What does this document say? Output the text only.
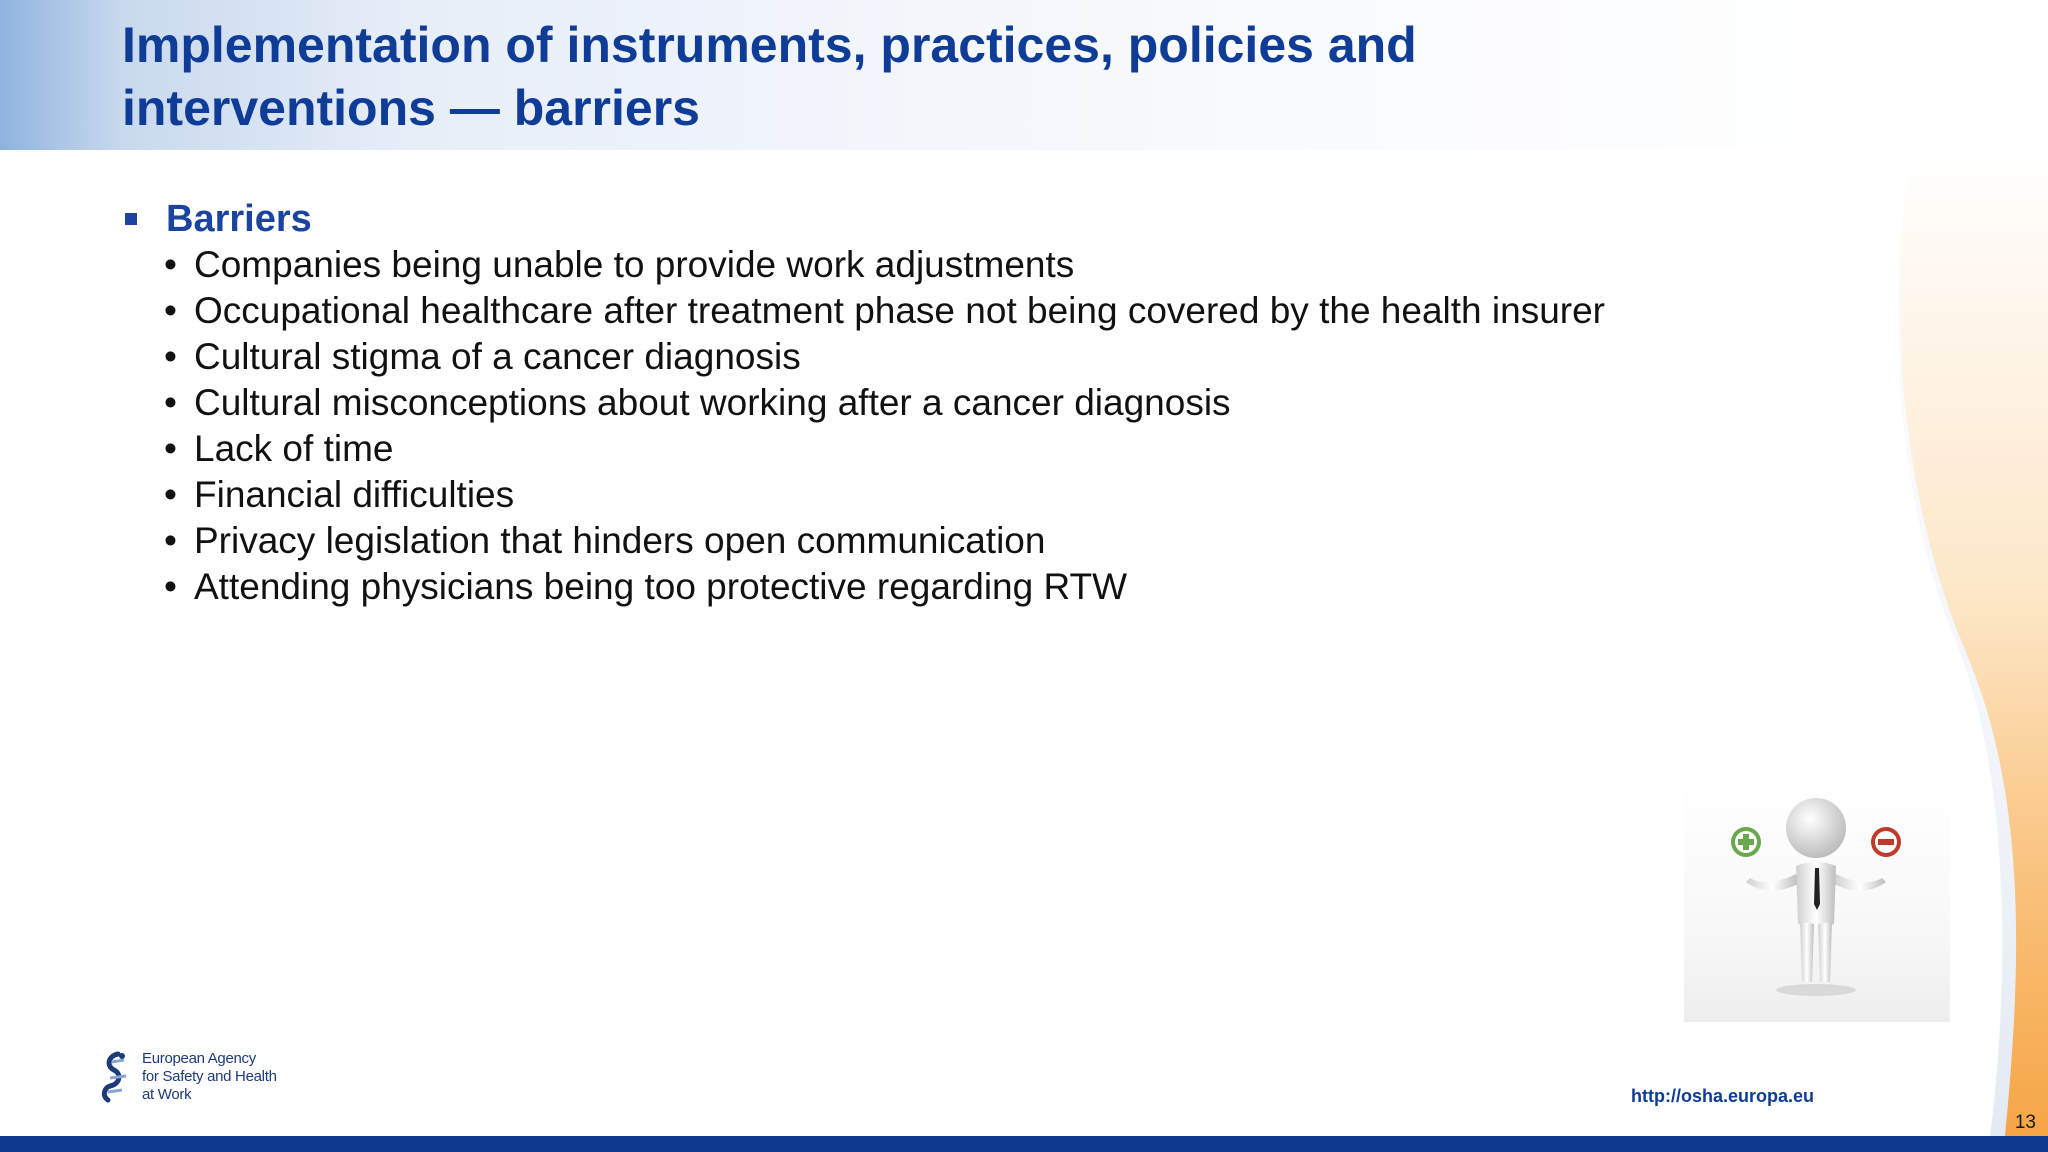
Implementation of instruments, practices, policies and interventions — barriers
Barriers
• Companies being unable to provide work adjustments
• Occupational healthcare after treatment phase not being covered by the health insurer
• Cultural stigma of a cancer diagnosis
• Cultural misconceptions about working after a cancer diagnosis
• Lack of time
• Financial difficulties
• Privacy legislation that hinders open communication
• Attending physicians being too protective regarding RTW
European Agency
for Safety and Health
at Work	http://osha.europa.eu
13
